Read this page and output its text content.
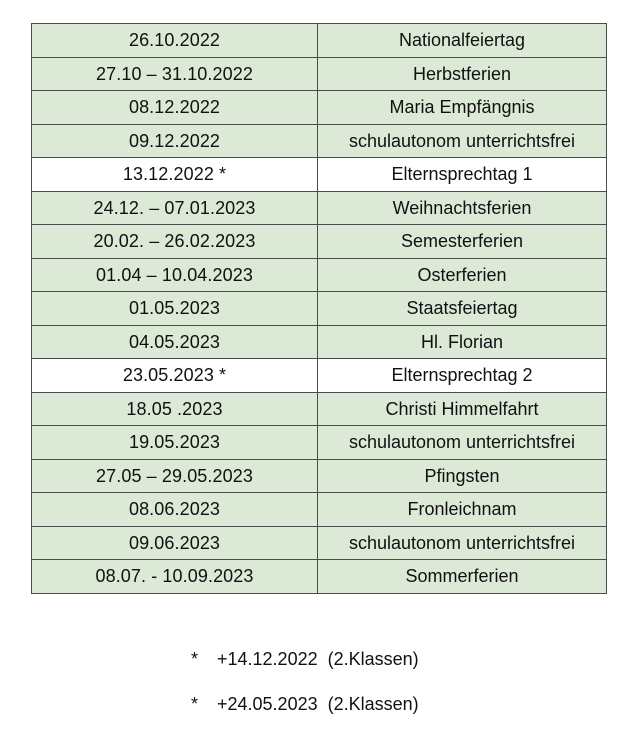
26.10.2022	Nationalfeiertag
27.10 – 31.10.2022	Herbstferien
08.12.2022	Maria Empfängnis
09.12.2022	schulautonom unterrichtsfrei
13.12.2022 *	Elternsprechtag 1
24.12. – 07.01.2023	Weihnachtsferien
20.02. – 26.02.2023	Semesterferien
01.04 – 10.04.2023	Osterferien
01.05.2023	Staatsfeiertag
04.05.2023	Hl. Florian
23.05.2023 *	Elternsprechtag 2
18.05 .2023	Christi Himmelfahrt
19.05.2023	schulautonom unterrichtsfrei
27.05 – 29.05.2023	Pfingsten
08.06.2023	Fronleichnam
09.06.2023	schulautonom unterrichtsfrei
08.07. - 10.09.2023	Sommerferien
* +14.12.2022  (2.Klassen)
* +24.05.2023  (2.Klassen)
